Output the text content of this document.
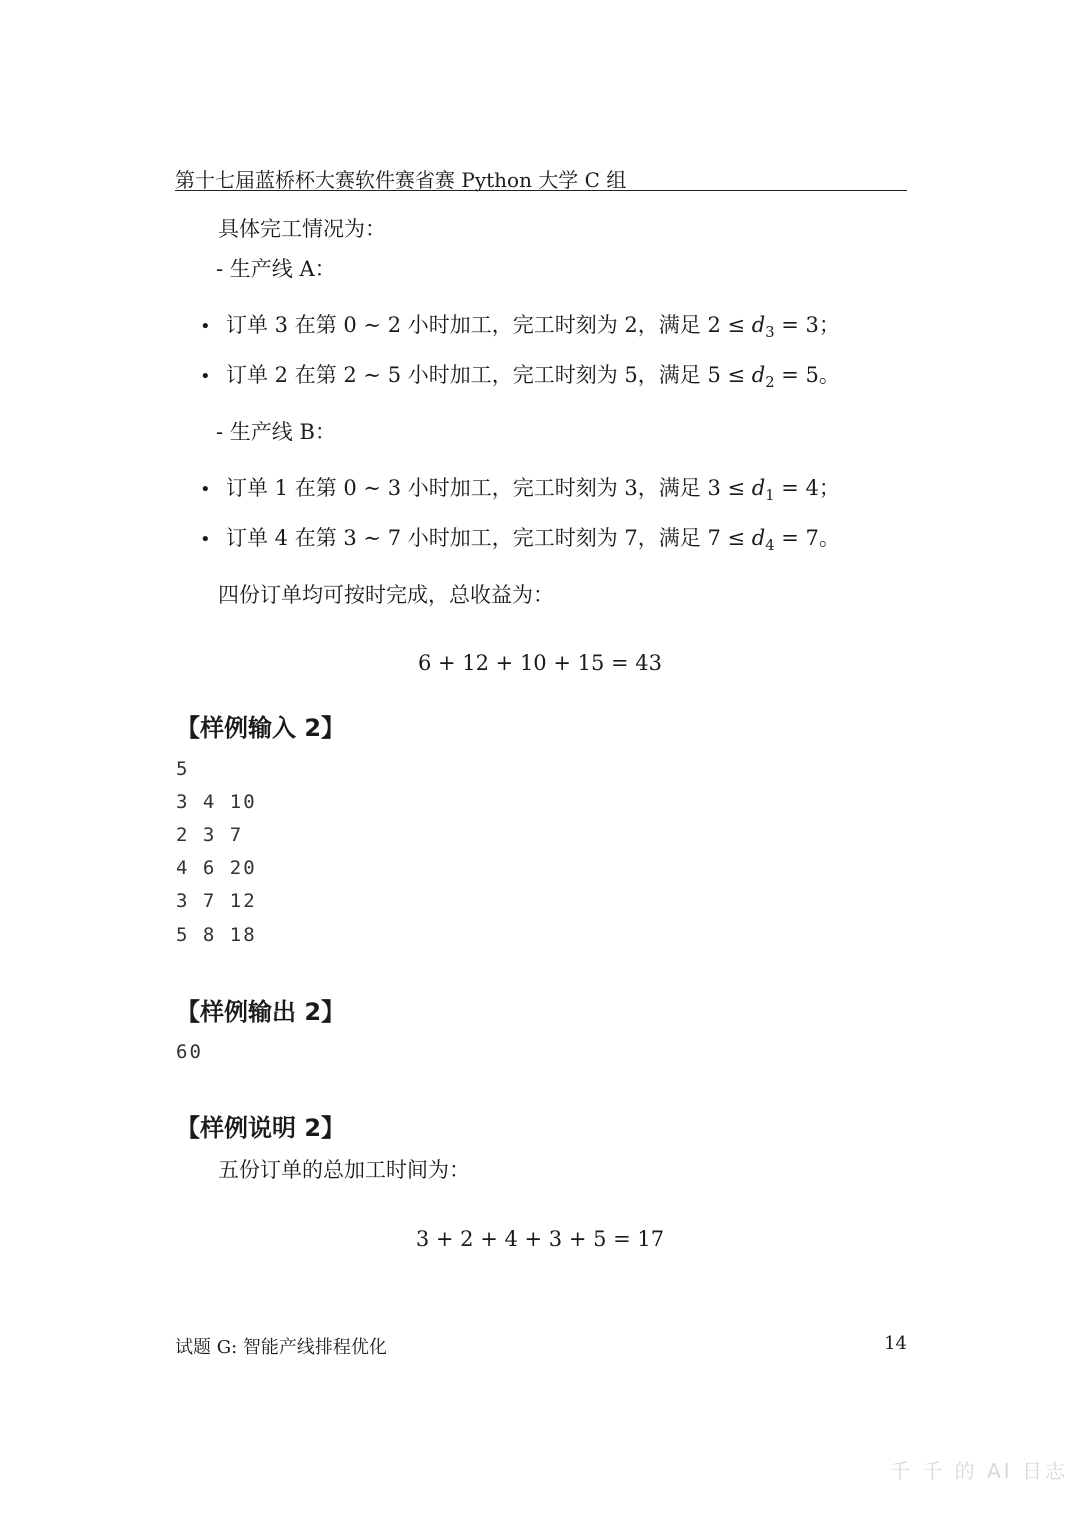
第十七届蓝桥杯大赛软件赛省赛 Python 大学 C 组
具体完工情况为：
- 生产线 A：
• 订单 3 在第 0 ∼ 2 小时加工，完工时刻为 2，满足 $2 \le d_3 = 3$；
• 订单 2 在第 2 ∼ 5 小时加工，完工时刻为 5，满足 $5 \le d_2 = 5$。
- 生产线 B：
• 订单 1 在第 0 ∼ 3 小时加工，完工时刻为 3，满足 $3 \le d_1 = 4$；
• 订单 4 在第 3 ∼ 7 小时加工，完工时刻为 7，满足 $7 \le d_4 = 7$。
四份订单均可按时完成，总收益为：
6 + 12 + 10 + 15 = 43
【样例输入 2】
5
3 4 10
2 3 7
4 6 20
3 7 12
5 8 18
【样例输出 2】
60
【样例说明 2】
五份订单的总加工时间为：
3 + 2 + 4 + 3 + 5 = 17
试题 G: 智能产线排程优化	14
千 千 的 AI 日志
